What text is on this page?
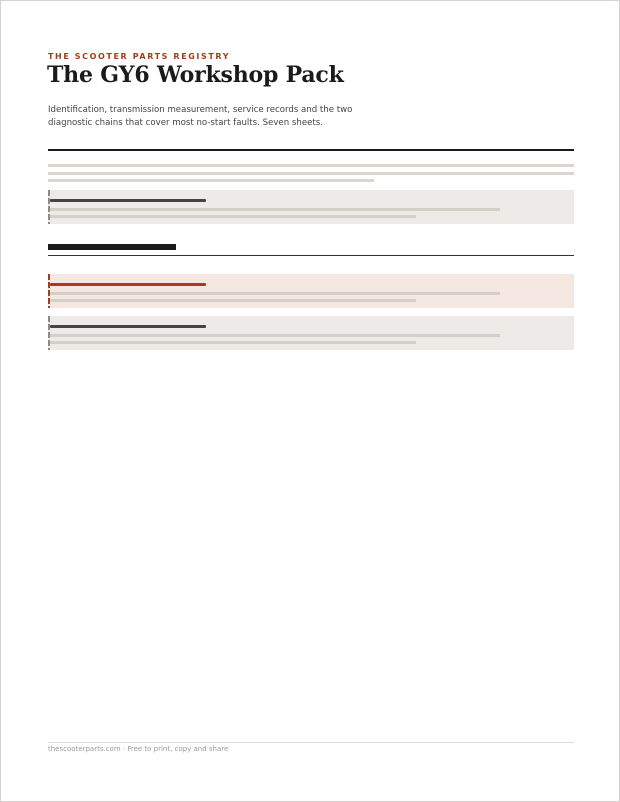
THE SCOOTER PARTS REGISTRY
The GY6 Workshop Pack
Identification, transmission measurement, service records and the two diagnostic chains that cover most no-start faults. Seven sheets.
thescooterparts.com · Free to print, copy and share
